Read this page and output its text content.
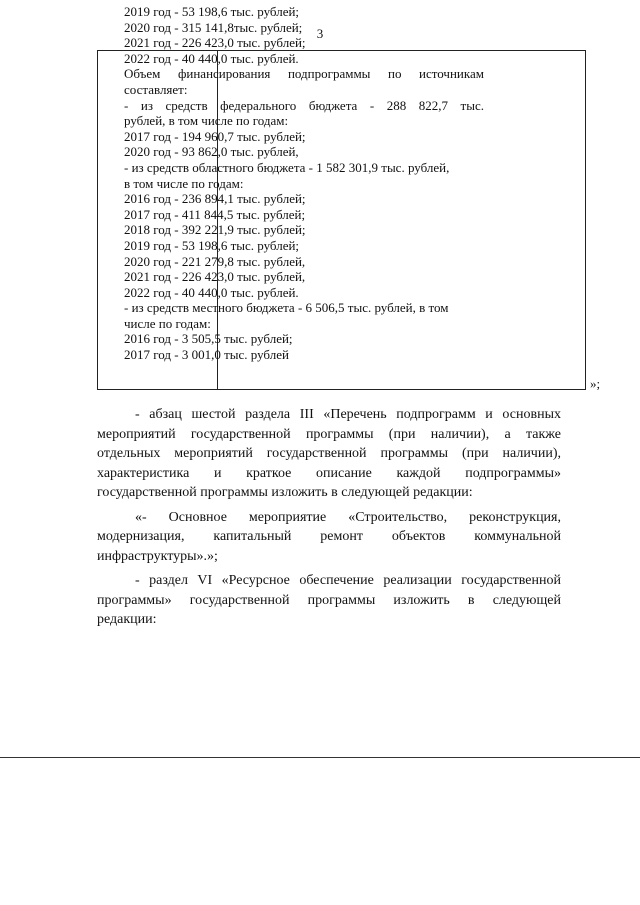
3
2019 год - 53 198,6 тыс. рублей;
2020 год - 315 141,8тыс. рублей;
2021 год - 226 423,0 тыс. рублей;
2022 год - 40 440,0 тыс. рублей.
Объем финансирования подпрограммы по источникам
составляет:
- из средств федерального бюджета - 288 822,7 тыс.
рублей, в том числе по годам:
2017 год - 194 960,7 тыс. рублей;
2020 год - 93 862,0 тыс. рублей,
- из средств областного бюджета - 1 582 301,9 тыс. рублей,
в том числе по годам:
2016 год - 236 894,1 тыс. рублей;
2017 год - 411 844,5 тыс. рублей;
2018 год - 392 221,9 тыс. рублей;
2019 год - 53 198,6 тыс. рублей;
2020 год - 221 279,8 тыс. рублей,
2021 год - 226 423,0 тыс. рублей,
2022 год - 40 440,0 тыс. рублей.
- из средств местного бюджета - 6 506,5 тыс. рублей, в том
числе по годам:
2016 год - 3 505,5 тыс. рублей;
2017 год - 3 001,0 тыс. рублей
»;
- абзац шестой раздела III «Перечень подпрограмм и основных
мероприятий государственной программы (при наличии), а также
отдельных мероприятий государственной программы (при наличии),
характеристика и краткое описание каждой подпрограммы»
государственной программы изложить в следующей редакции:
«- Основное мероприятие «Строительство, реконструкция,
модернизация, капитальный ремонт объектов коммунальной
инфраструктуры».»;
- раздел VI «Ресурсное обеспечение реализации государственной
программы» государственной программы изложить в следующей
редакции:
